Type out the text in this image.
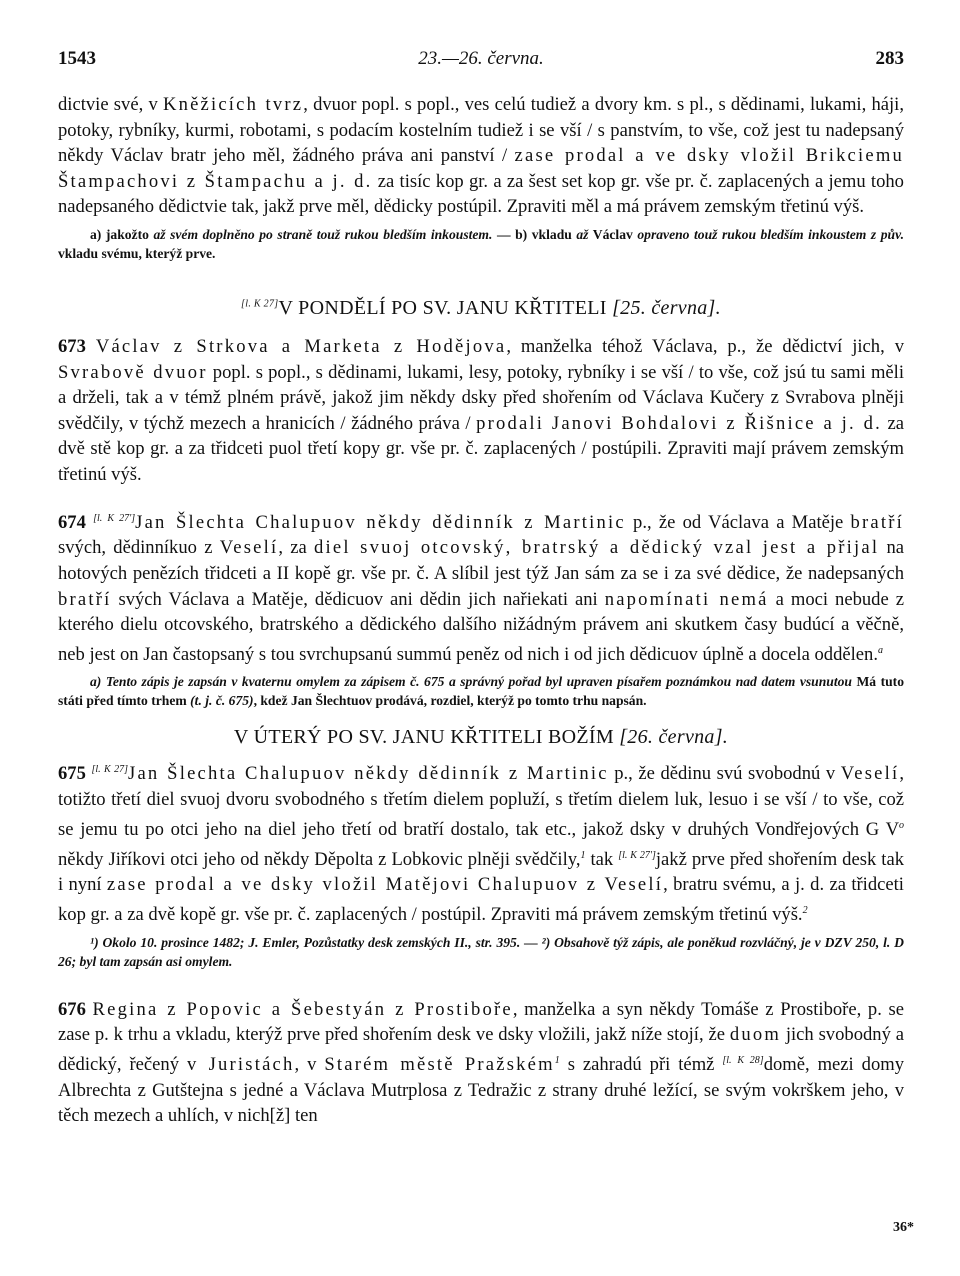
1543	23.—26. června.	283

dictvie své, v Kněžicích tvrz, dvuor popl. s popl., ves celú tudiež a dvory km. s pl., s dědinami, lukami, háji, potoky, rybníky, kurmi, robotami, s podacím kostelním tudiež i se vší / s panstvím, to vše, což jest tu nadepsaný někdy Václav bratr jeho měl, žádného práva ani panství / zase prodal a ve dsky vložil Brikciemu Štampachovi z Štampachu a j. d. za tisíc kop gr. a za šest set kop gr. vše pr. č. zaplacených a jemu toho nadepsaného dědictvie tak, jakž prve měl, dědicky postúpil. Zpraviti měl a má právem zemským třetinú výš.

a) jakožto až svém doplněno po straně touž rukou bledším inkoustem. — b) vkladu až Václav opraveno touž rukou bledším inkoustem z pův. vkladu svému, kterýž prve.

[l. K 27]V PONDĚLÍ PO SV. JANU KŘTITELI [25. června].

673 Václav z Strkova a Marketa z Hodějova, manželka téhož Václava, p., že dědictví jich, v Svrabově dvuor popl. s popl., s dědinami, lukami, lesy, potoky, rybníky i se vší / to vše, což jsú tu sami měli a drželi, tak a v témž plném právě, jakož jim někdy dsky před shořením od Václava Kučery z Svrabova plněji svědčily, v týchž mezech a hranicích / žádného práva / prodali Janovi Bohdalovi z Řišnice a j. d. za dvě stě kop gr. a za třidceti puol třetí kopy gr. vše pr. č. zaplacených / postúpili. Zpraviti mají právem zemským třetinú výš.

674 [l. K 27']Jan Šlechta Chalupuov někdy dědinník z Martinic p., že od Václava a Matěje bratří svých, dědinníkuo z Veselí, za diel svuoj otcovský, bratrský a dědický vzal jest a přijal na hotových penězích třidceti a II kopě gr. vše pr. č. A slíbil jest týž Jan sám za se i za své dědice, že nadepsaných bratří svých Václava a Matěje, dědicuov ani dědin jich nařiekati ani napomínati nemá a moci nebude z kterého dielu otcovského, bratrského a dědického dalšího nižádným právem ani skutkem časy budúcí a věčně, neb jest on Jan častopsaný s tou svrchupsanú summú peněz od nich i od jich dědicuov úplně a docela oddělen.$^a$

a) Tento zápis je zapsán v kvaternu omylem za zápisem č. 675 a správný pořad byl upraven písařem poznámkou nad datem vsunutou Má tuto státi před tímto trhem (t. j. č. 675), kdež Jan Šlechtuov prodává, rozdiel, kterýž po tomto trhu napsán.

V ÚTERÝ PO SV. JANU KŘTITELI BOŽÍM [26. června].

675 [l. K 27]Jan Šlechta Chalupuov někdy dědinník z Martinic p., že dědinu svú svobodnú v Veselí, totižto třetí diel svuoj dvoru svobodného s třetím dielem popluží, s třetím dielem luk, lesuo i se vší / to vše, což se jemu tu po otci jeho na diel jeho třetí od bratří dostalo, tak etc., jakož dsky v druhých Vondřejových G $V^o$ někdy Jiříkovi otci jeho od někdy Děpolta z Lobkovic plněji svědčily,$^1$ tak [l. K 27']jakž prve před shořením desk tak i nyní zase prodal a ve dsky vložil Matějovi Chalupuov z Veselí, bratru svému, a j. d. za třidceti kop gr. a za dvě kopě gr. vše pr. č. zaplacených / postúpil. Zpraviti má právem zemským třetinú výš.$^2$

¹) Okolo 10. prosince 1482; J. Emler, Pozůstatky desk zemských II., str. 395. — ²) Obsahově týž zápis, ale poněkud rozvláčný, je v DZV 250, l. D 26; byl tam zapsán asi omylem.

676 Regina z Popovic a Šebestyán z Prostiboře, manželka a syn někdy Tomáše z Prostiboře, p. se zase p. k trhu a vkladu, kterýž prve před shořením desk ve dsky vložili, jakž níže stojí, že duom jich svobodný a dědický, řečený v Juristách, v Starém městě Pražském$^1$ s zahradú při témž [l. K 28]domě, mezi domy Albrechta z Gutštejna s jedné a Václava Mutrplosa z Tedražic z strany druhé ležící, se svým vokrškem jeho, v těch mezech a uhlích, v nich[ž] ten

36*
